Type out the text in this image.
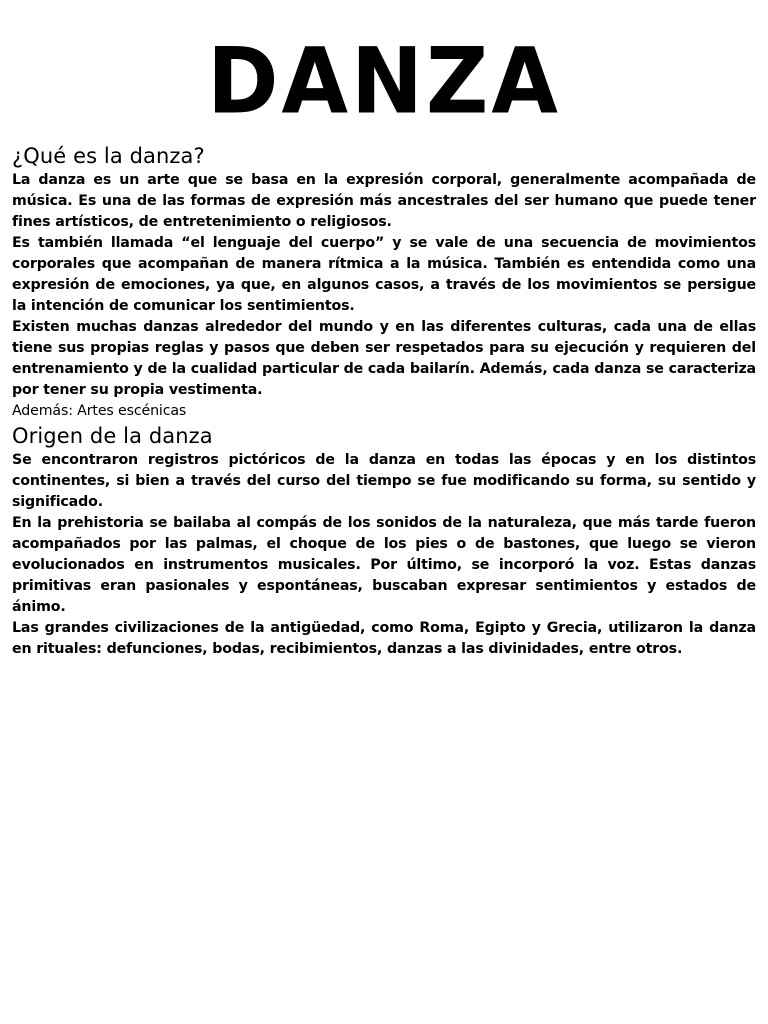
DANZA
¿Qué es la danza?

La danza es un arte que se basa en la expresión corporal, generalmente acompañada de música. Es una de las formas de expresión más ancestrales del ser humano que puede tener fines artísticos, de entretenimiento o religiosos.

Es también llamada “el lenguaje del cuerpo” y se vale de una secuencia de movimientos corporales que acompañan de manera rítmica a la música. También es entendida como una expresión de emociones, ya que, en algunos casos, a través de los movimientos se persigue la intención de comunicar los sentimientos.

Existen muchas danzas alrededor del mundo y en las diferentes culturas, cada una de ellas tiene sus propias reglas y pasos que deben ser respetados para su ejecución y requieren del entrenamiento y de la cualidad particular de cada bailarín. Además, cada danza se caracteriza por tener su propia vestimenta.

Además: Artes escénicas

Origen de la danza

Se encontraron registros pictóricos de la danza en todas las épocas y en los distintos continentes, si bien a través del curso del tiempo se fue modificando su forma, su sentido y significado.

En la prehistoria se bailaba al compás de los sonidos de la naturaleza, que más tarde fueron acompañados por las palmas, el choque de los pies o de bastones, que luego se vieron evolucionados en instrumentos musicales. Por último, se incorporó la voz. Estas danzas primitivas eran pasionales y espontáneas, buscaban expresar sentimientos y estados de ánimo.

Las grandes civilizaciones de la antigüedad, como Roma, Egipto y Grecia, utilizaron la danza en rituales: defunciones, bodas, recibimientos, danzas a las divinidades, entre otros.
